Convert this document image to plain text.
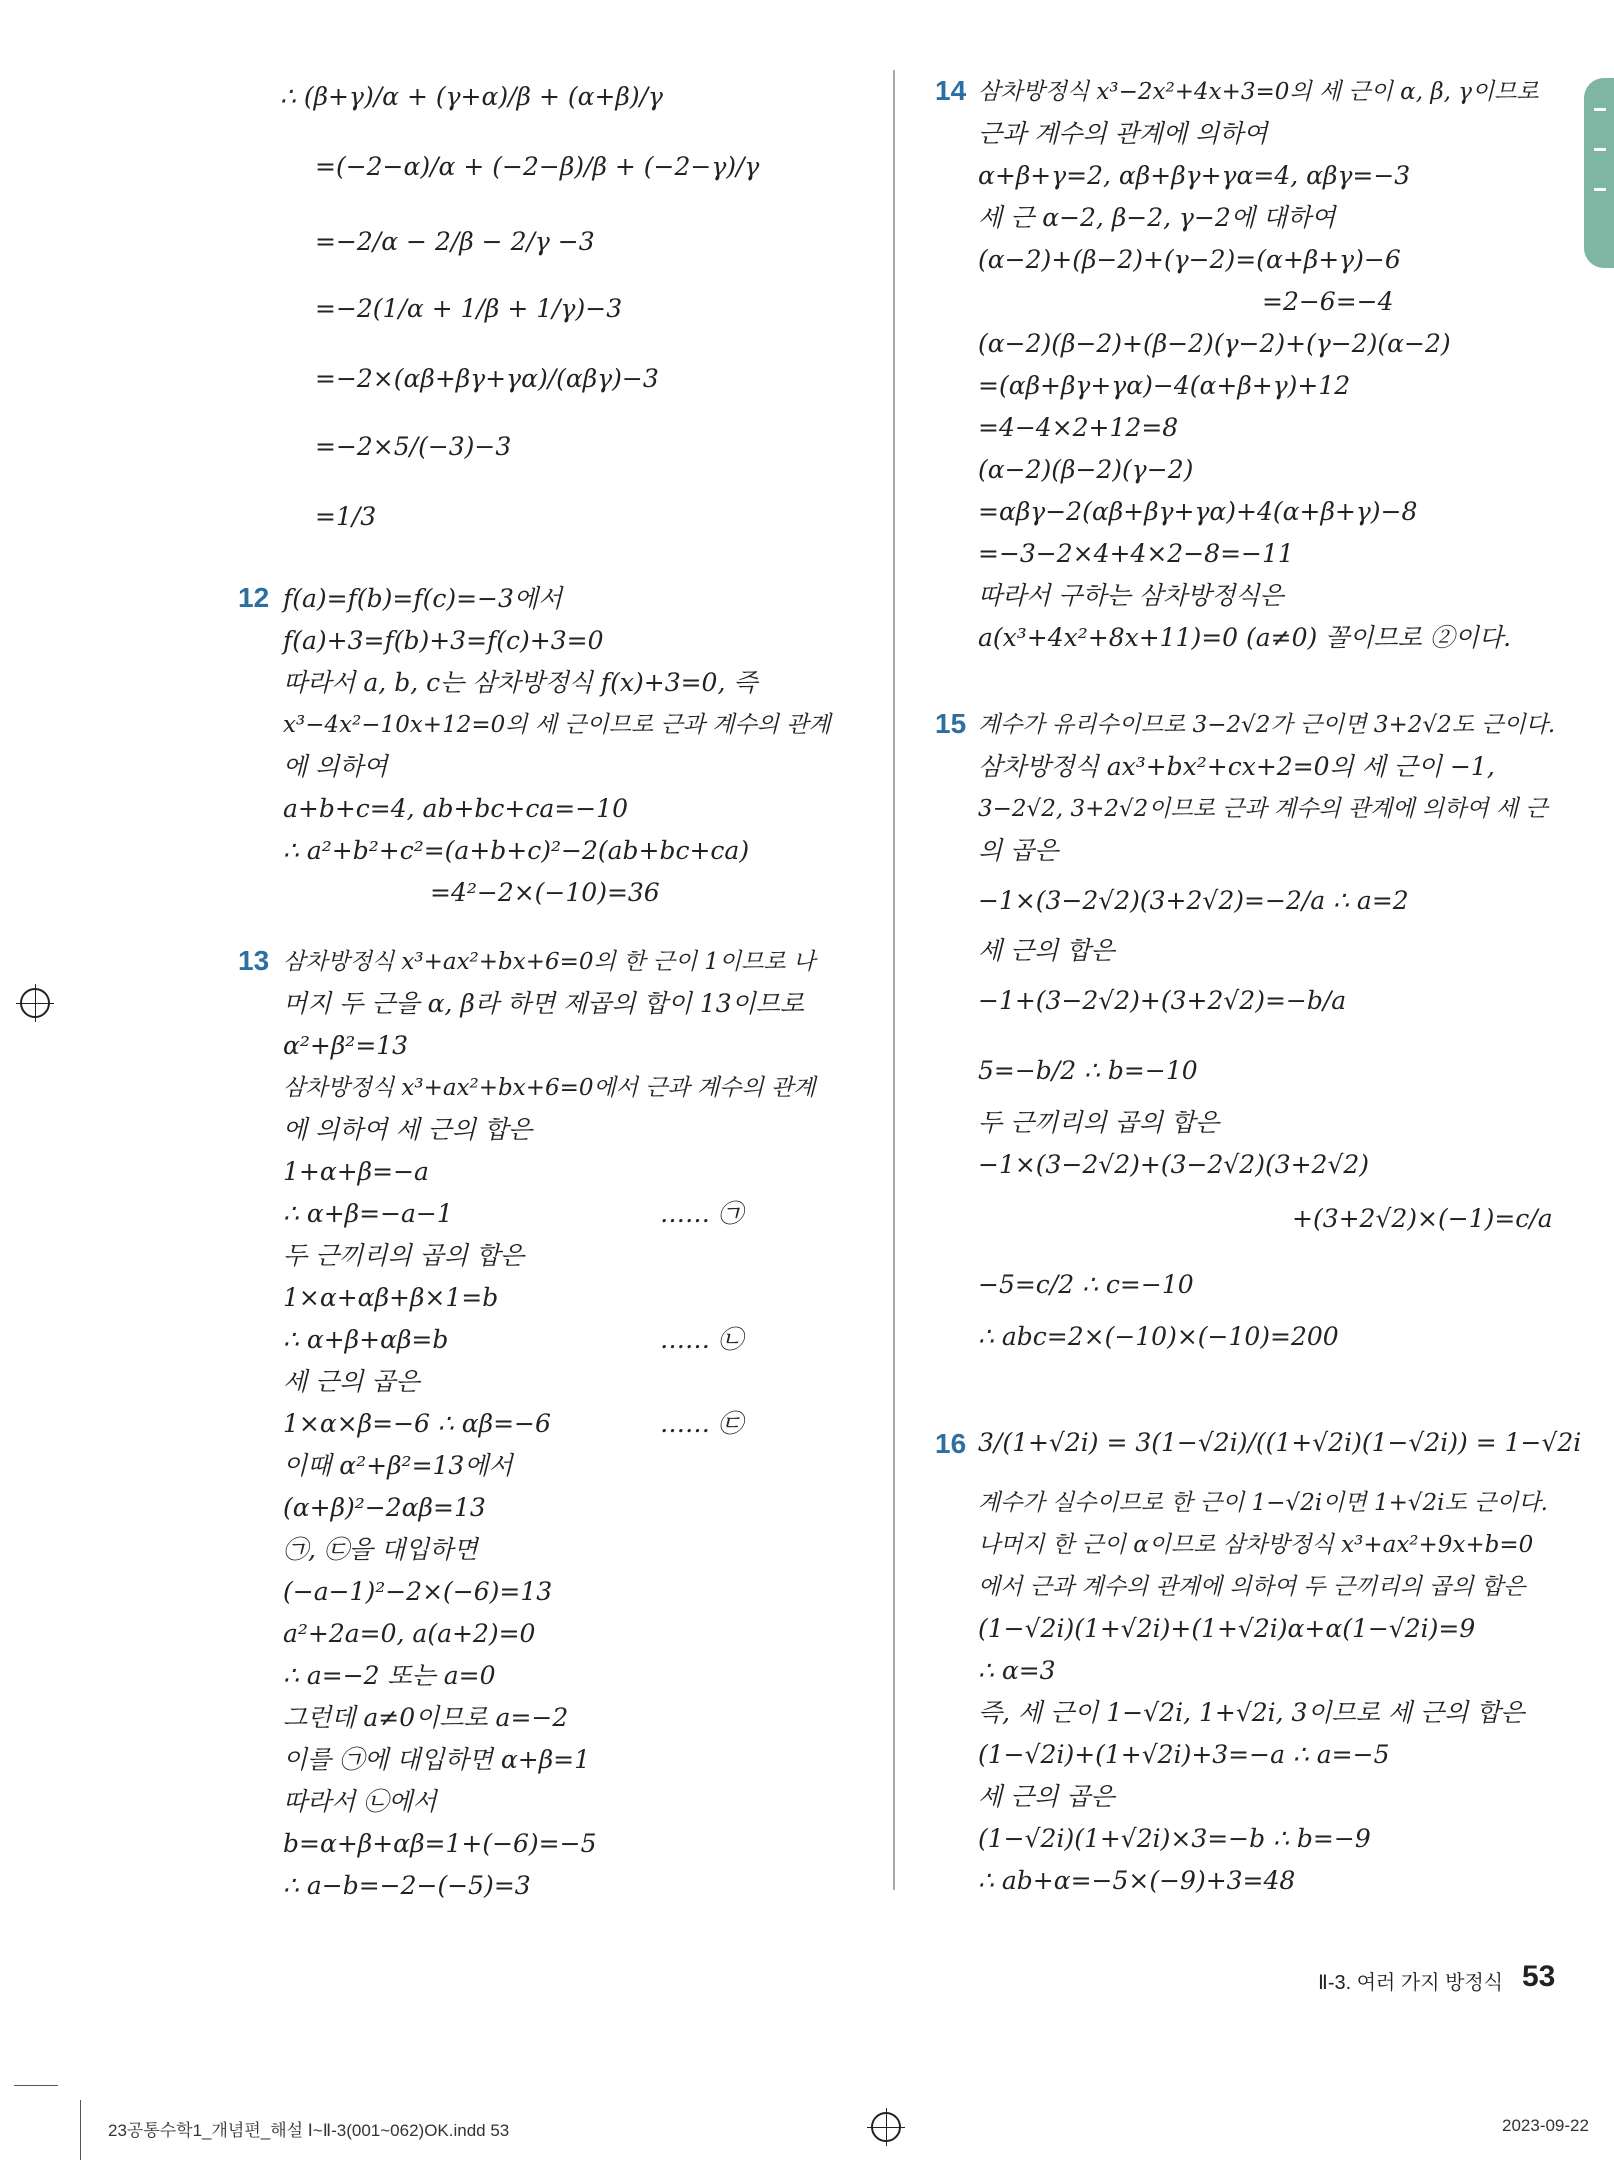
∴ (β+γ)/α + (γ+α)/β + (α+β)/γ
=(−2−α)/α + (−2−β)/β + (−2−γ)/γ
=−2/α − 2/β − 2/γ −3
=−2(1/α + 1/β + 1/γ)−3
=−2×(αβ+βγ+γα)/(αβγ)−3
=−2×5/(−3)−3
=1/3
12 f(a)=f(b)=f(c)=−3에서
f(a)+3=f(b)+3=f(c)+3=0
따라서 a, b, c는 삼차방정식 f(x)+3=0, 즉
x³−4x²−10x+12=0의 세 근이므로 근과 계수의 관계
에 의하여
a+b+c=4, ab+bc+ca=−10
∴ a²+b²+c²=(a+b+c)²−2(ab+bc+ca)
=4²−2×(−10)=36
13 삼차방정식 x³+ax²+bx+6=0의 한 근이 1이므로 나
머지 두 근을 α, β라 하면 제곱의 합이 13이므로
α²+β²=13
삼차방정식 x³+ax²+bx+6=0에서 근과 계수의 관계
에 의하여 세 근의 합은
1+α+β=−a
∴ α+β=−a−1	…… ㉠
두 근끼리의 곱의 합은
1×α+αβ+β×1=b
∴ α+β+αβ=b	…… ㉡
세 근의 곱은
1×α×β=−6 ∴ αβ=−6	…… ㉢
이때 α²+β²=13에서
(α+β)²−2αβ=13
㉠, ㉢을 대입하면
(−a−1)²−2×(−6)=13
a²+2a=0, a(a+2)=0
∴ a=−2 또는 a=0
그런데 a≠0이므로 a=−2
이를 ㉠에 대입하면 α+β=1
따라서 ㉡에서
b=α+β+αβ=1+(−6)=−5
∴ a−b=−2−(−5)=3
14 삼차방정식 x³−2x²+4x+3=0의 세 근이 α, β, γ이므로
근과 계수의 관계에 의하여
α+β+γ=2, αβ+βγ+γα=4, αβγ=−3
세 근 α−2, β−2, γ−2에 대하여
(α−2)+(β−2)+(γ−2)=(α+β+γ)−6
=2−6=−4
(α−2)(β−2)+(β−2)(γ−2)+(γ−2)(α−2)
=(αβ+βγ+γα)−4(α+β+γ)+12
=4−4×2+12=8
(α−2)(β−2)(γ−2)
=αβγ−2(αβ+βγ+γα)+4(α+β+γ)−8
=−3−2×4+4×2−8=−11
따라서 구하는 삼차방정식은
a(x³+4x²+8x+11)=0 (a≠0) 꼴이므로 ②이다.
15 계수가 유리수이므로 3−2√2가 근이면 3+2√2도 근이다.
삼차방정식 ax³+bx²+cx+2=0의 세 근이 −1,
3−2√2, 3+2√2이므로 근과 계수의 관계에 의하여 세 근
의 곱은
−1×(3−2√2)(3+2√2)=−2/a ∴ a=2
세 근의 합은
−1+(3−2√2)+(3+2√2)=−b/a
5=−b/2 ∴ b=−10
두 근끼리의 곱의 합은
−1×(3−2√2)+(3−2√2)(3+2√2)
+(3+2√2)×(−1)=c/a
−5=c/2 ∴ c=−10
∴ abc=2×(−10)×(−10)=200
16 3/(1+√2i) = 3(1−√2i)/((1+√2i)(1−√2i)) = 1−√2i
계수가 실수이므로 한 근이 1−√2i이면 1+√2i도 근이다.
나머지 한 근이 α이므로 삼차방정식 x³+ax²+9x+b=0
에서 근과 계수의 관계에 의하여 두 근끼리의 곱의 합은
(1−√2i)(1+√2i)+(1+√2i)α+α(1−√2i)=9
∴ α=3
즉, 세 근이 1−√2i, 1+√2i, 3이므로 세 근의 합은
(1−√2i)+(1+√2i)+3=−a ∴ a=−5
세 근의 곱은
(1−√2i)(1+√2i)×3=−b ∴ b=−9
∴ ab+α=−5×(−9)+3=48
Ⅱ-3. 여러 가지 방정식 53
23공통수학1_개념편_해설 Ⅰ~Ⅱ-3(001~062)OK.indd 53	2023-09-22
